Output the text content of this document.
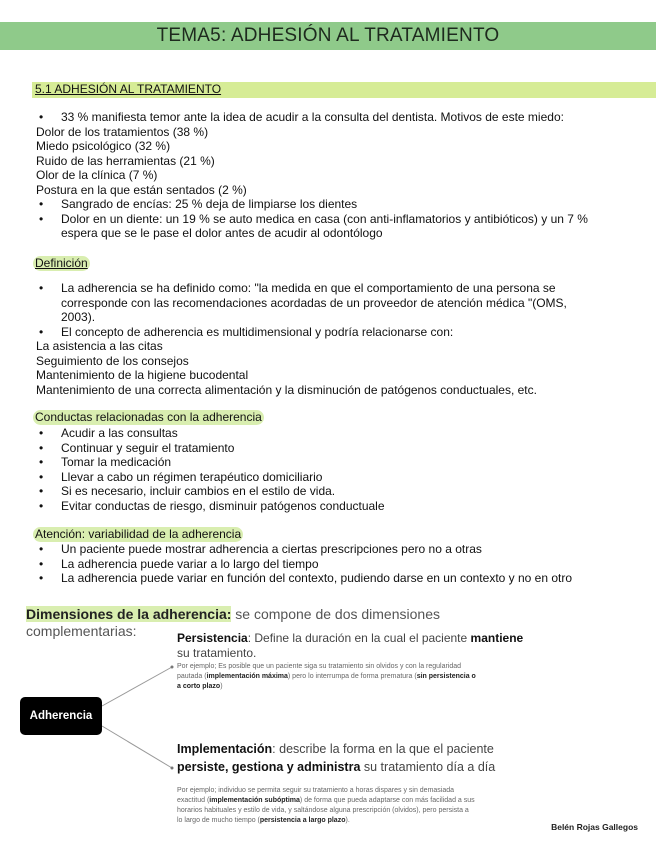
TEMA5: ADHESIÓN AL TRATAMIENTO
5.1 ADHESIÓN AL TRATAMIENTO
• 33 % manifiesta temor ante la idea de acudir a la consulta del dentista. Motivos de este miedo:
Dolor de los tratamientos (38 %)
Miedo psicológico (32 %)
Ruido de las herramientas (21 %)
Olor de la clínica (7 %)
Postura en la que están sentados (2 %)
• Sangrado de encías: 25 % deja de limpiarse los dientes
• Dolor en un diente: un 19 % se auto medica en casa (con anti-inflamatorios y antibióticos) y un 7 %
espera que se le pase el dolor antes de acudir al odontólogo
Definición
• La adherencia se ha definido como: "la medida en que el comportamiento de una persona se
corresponde con las recomendaciones acordadas de un proveedor de atención médica "(OMS,
2003).
• El concepto de adherencia es multidimensional y podría relacionarse con:
La asistencia a las citas
Seguimiento de los consejos
Mantenimiento de la higiene bucodental
Mantenimiento de una correcta alimentación y la disminución de patógenos conductuales, etc.
Conductas relacionadas con la adherencia
• Acudir a las consultas
• Continuar y seguir el tratamiento
• Tomar la medicación
• Llevar a cabo un régimen terapéutico domiciliario
• Si es necesario, incluir cambios en el estilo de vida.
• Evitar conductas de riesgo, disminuir patógenos conductuale
Atención: variabilidad de la adherencia
• Un paciente puede mostrar adherencia a ciertas prescripciones pero no a otras
• La adherencia puede variar a lo largo del tiempo
• La adherencia puede variar en función del contexto, pudiendo darse en un contexto y no en otro
Dimensiones de la adherencia: se compone de dos dimensiones
complementarias:
Adherencia
Persistencia: Define la duración en la cual el paciente mantiene
su tratamiento.
Por ejemplo; Es posible que un paciente siga su tratamiento sin olvidos y con la regularidad
pautada (implementación máxima) pero lo interrumpa de forma prematura (sin persistencia o
a corto plazo)
Implementación: describe la forma en la que el paciente
persiste, gestiona y administra su tratamiento día a día
Por ejemplo; individuo se permita seguir su tratamiento a horas dispares y sin demasiada
exactitud (implementación subóptima) de forma que pueda adaptarse con más facilidad a sus
horarios habituales y estilo de vida, y saltándose alguna prescripción (olvidos), pero persista a
lo largo de mucho tiempo (persistencia a largo plazo).
Belén Rojas Gallegos
